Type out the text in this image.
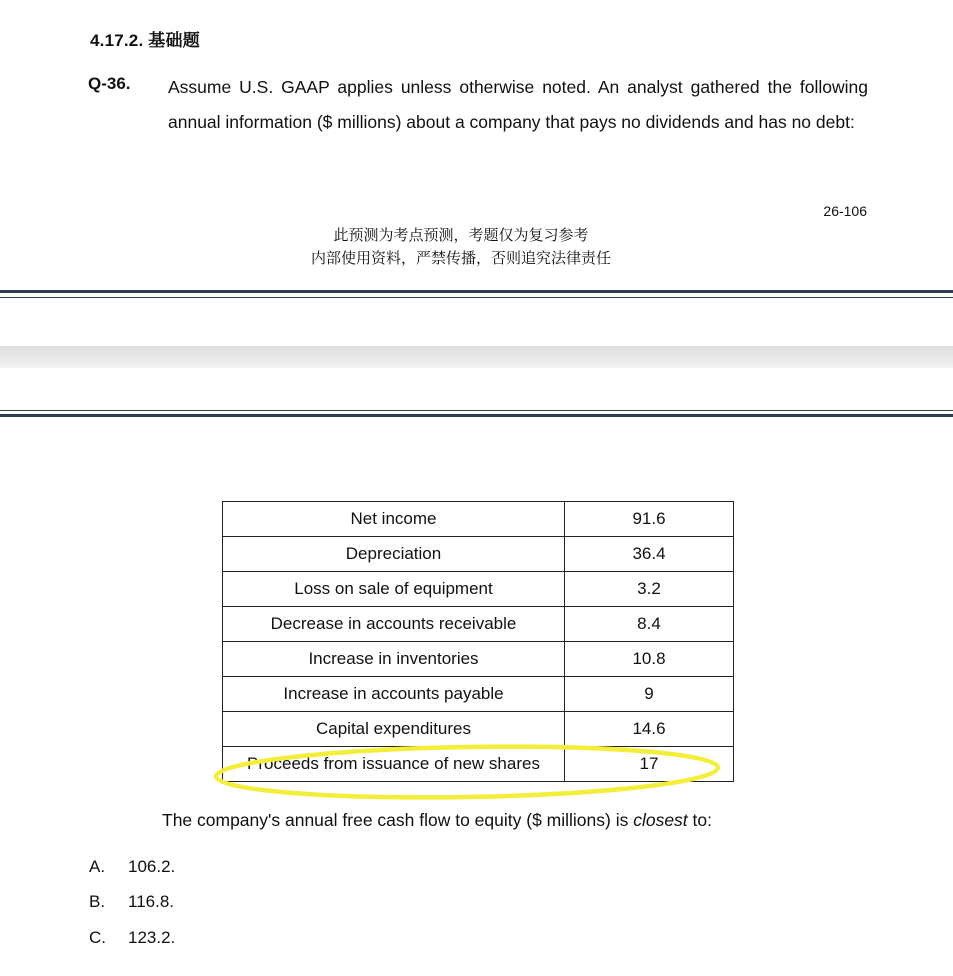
4.17.2. 基础题
Q-36. Assume U.S. GAAP applies unless otherwise noted. An analyst gathered the following annual information ($ millions) about a company that pays no dividends and has no debt:
26-106
此预测为考点预测，考题仅为复习参考
内部使用资料，严禁传播，否则追究法律责任
Net income	91.6
Depreciation	36.4
Loss on sale of equipment	3.2
Decrease in accounts receivable	8.4
Increase in inventories	10.8
Increase in accounts payable	9
Capital expenditures	14.6
Proceeds from issuance of new shares	17
The company's annual free cash flow to equity ($ millions) is closest to:
A. 106.2.
B. 116.8.
C. 123.2.
